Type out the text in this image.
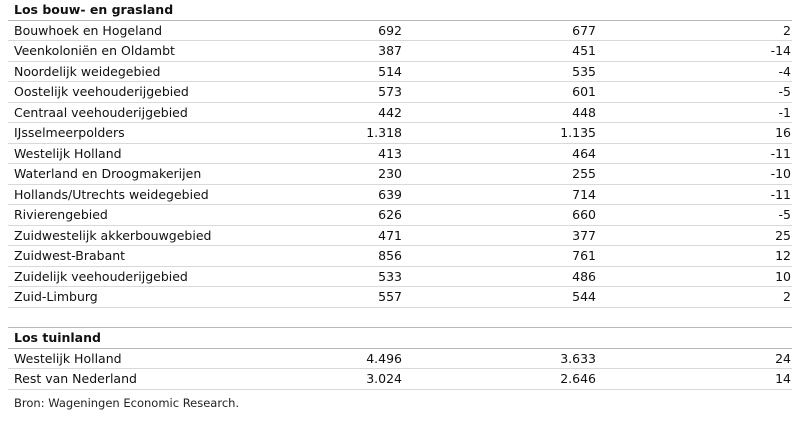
Los bouw- en grasland
Bouwhoek en Hogeland	692	677	2
Veenkoloniën en Oldambt	387	451	-14
Noordelijk weidegebied	514	535	-4
Oostelijk veehouderijgebied	573	601	-5
Centraal veehouderijgebied	442	448	-1
IJsselmeerpolders	1.318	1.135	16
Westelijk Holland	413	464	-11
Waterland en Droogmakerijen	230	255	-10
Hollands/Utrechts weidegebied	639	714	-11
Rivierengebied	626	660	-5
Zuidwestelijk akkerbouwgebied	471	377	25
Zuidwest-Brabant	856	761	12
Zuidelijk veehouderijgebied	533	486	10
Zuid-Limburg	557	544	2
Los tuinland
Westelijk Holland	4.496	3.633	24
Rest van Nederland	3.024	2.646	14
Bron: Wageningen Economic Research.
